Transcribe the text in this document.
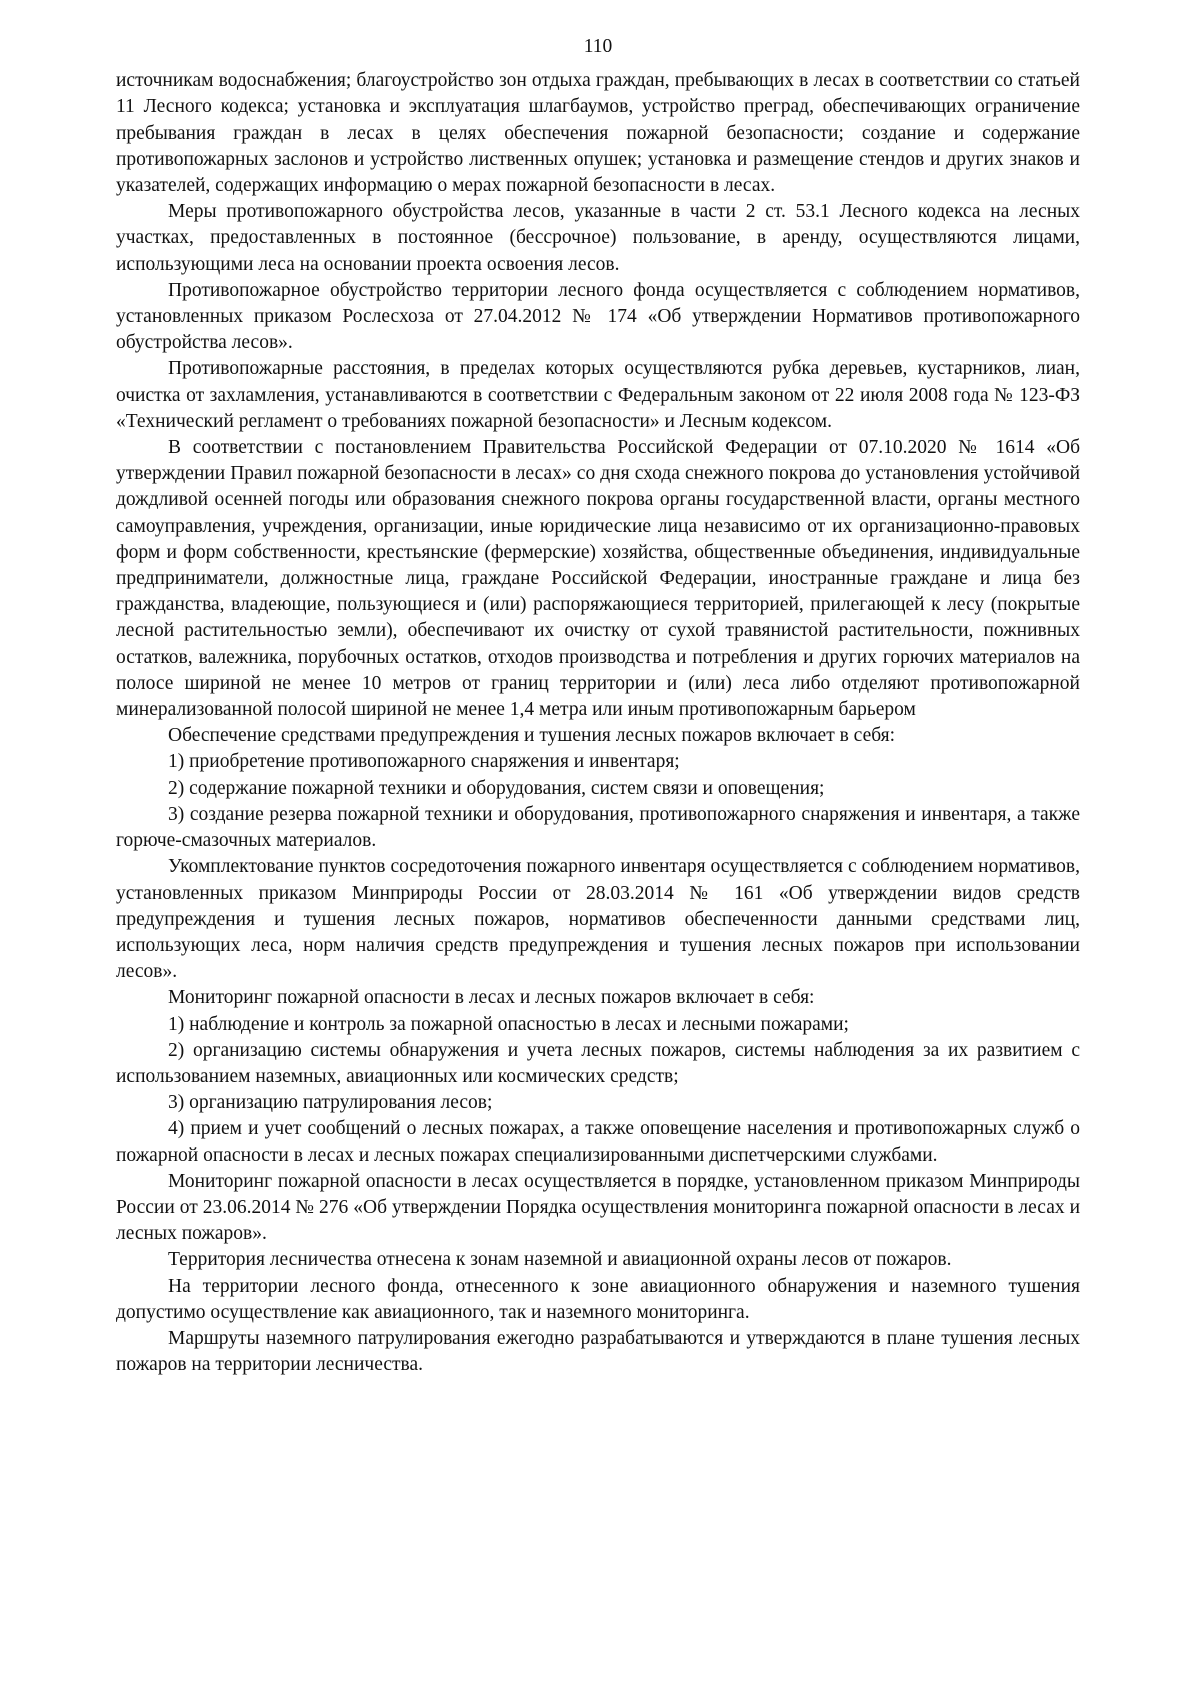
110

источникам водоснабжения; благоустройство зон отдыха граждан, пребывающих в лесах в соответствии со статьей 11 Лесного кодекса; установка и эксплуатация шлагбаумов, устройство преград, обеспечивающих ограничение пребывания граждан в лесах в целях обеспечения пожарной безопасности; создание и содержание противопожарных заслонов и устройство лиственных опушек; установка и размещение стендов и других знаков и указателей, содержащих информацию о мерах пожарной безопасности в лесах.

Меры противопожарного обустройства лесов, указанные в части 2 ст. 53.1 Лесного кодекса на лесных участках, предоставленных в постоянное (бессрочное) пользование, в аренду, осуществляются лицами, использующими леса на основании проекта освоения лесов.

Противопожарное обустройство территории лесного фонда осуществляется с соблюдением нормативов, установленных приказом Рослесхоза от 27.04.2012 № 174 «Об утверждении Нормативов противопожарного обустройства лесов».

Противопожарные расстояния, в пределах которых осуществляются рубка деревьев, кустарников, лиан, очистка от захламления, устанавливаются в соответствии с Федеральным законом от 22 июля 2008 года № 123-ФЗ «Технический регламент о требованиях пожарной безопасности» и Лесным кодексом.

В соответствии с постановлением Правительства Российской Федерации от 07.10.2020 № 1614 «Об утверждении Правил пожарной безопасности в лесах» со дня схода снежного покрова до установления устойчивой дождливой осенней погоды или образования снежного покрова органы государственной власти, органы местного самоуправления, учреждения, организации, иные юридические лица независимо от их организационно-правовых форм и форм собственности, крестьянские (фермерские) хозяйства, общественные объединения, индивидуальные предприниматели, должностные лица, граждане Российской Федерации, иностранные граждане и лица без гражданства, владеющие, пользующиеся и (или) распоряжающиеся территорией, прилегающей к лесу (покрытые лесной растительностью земли), обеспечивают их очистку от сухой травянистой растительности, пожнивных остатков, валежника, порубочных остатков, отходов производства и потребления и других горючих материалов на полосе шириной не менее 10 метров от границ территории и (или) леса либо отделяют противопожарной минерализованной полосой шириной не менее 1,4 метра или иным противопожарным барьером

Обеспечение средствами предупреждения и тушения лесных пожаров включает в себя:

1) приобретение противопожарного снаряжения и инвентаря;

2) содержание пожарной техники и оборудования, систем связи и оповещения;

3) создание резерва пожарной техники и оборудования, противопожарного снаряжения и инвентаря, а также горюче-смазочных материалов.

Укомплектование пунктов сосредоточения пожарного инвентаря осуществляется с соблюдением нормативов, установленных приказом Минприроды России от 28.03.2014 № 161 «Об утверждении видов средств предупреждения и тушения лесных пожаров, нормативов обеспеченности данными средствами лиц, использующих леса, норм наличия средств предупреждения и тушения лесных пожаров при использовании лесов».

Мониторинг пожарной опасности в лесах и лесных пожаров включает в себя:

1) наблюдение и контроль за пожарной опасностью в лесах и лесными пожарами;

2) организацию системы обнаружения и учета лесных пожаров, системы наблюдения за их развитием с использованием наземных, авиационных или космических средств;

3) организацию патрулирования лесов;

4) прием и учет сообщений о лесных пожарах, а также оповещение населения и противопожарных служб о пожарной опасности в лесах и лесных пожарах специализированными диспетчерскими службами.

Мониторинг пожарной опасности в лесах осуществляется в порядке, установленном приказом Минприроды России от 23.06.2014 № 276 «Об утверждении Порядка осуществления мониторинга пожарной опасности в лесах и лесных пожаров».

Территория лесничества отнесена к зонам наземной и авиационной охраны лесов от пожаров.

На территории лесного фонда, отнесенного к зоне авиационного обнаружения и наземного тушения допустимо осуществление как авиационного, так и наземного мониторинга.

Маршруты наземного патрулирования ежегодно разрабатываются и утверждаются в плане тушения лесных пожаров на территории лесничества.
